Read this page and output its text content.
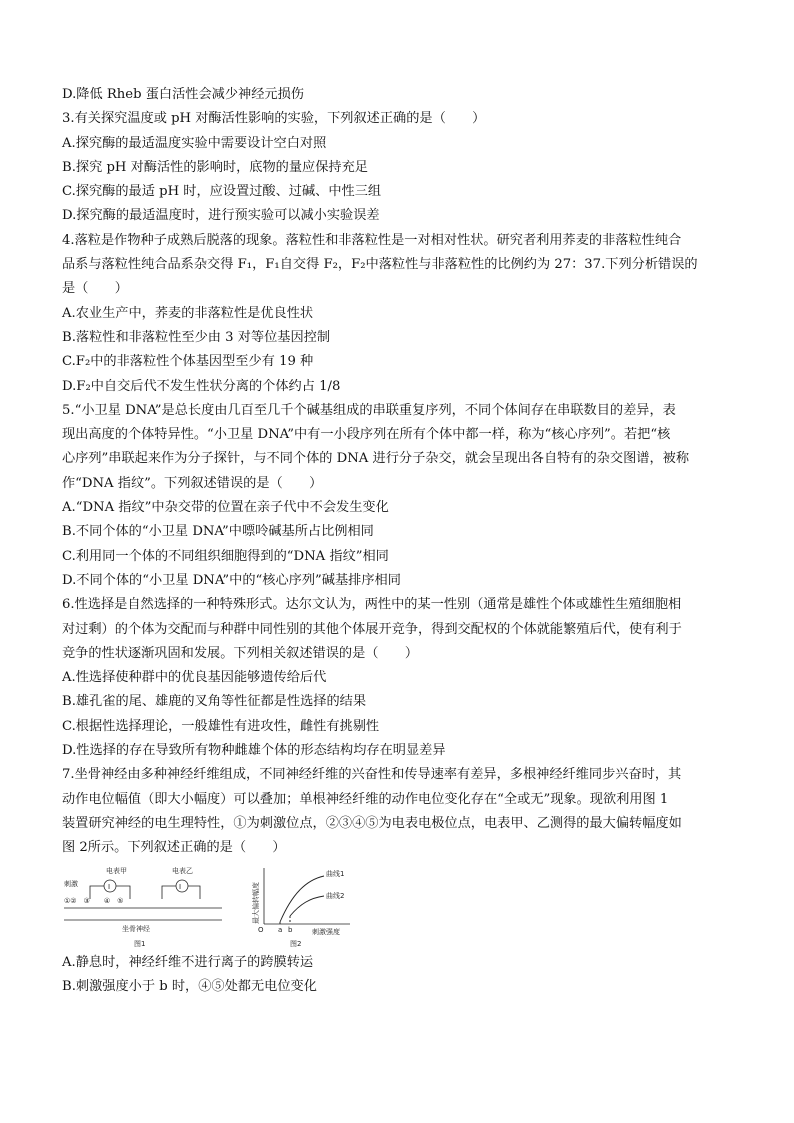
D.降低 Rheb 蛋白活性会减少神经元损伤
3.有关探究温度或 pH 对酶活性影响的实验，下列叙述正确的是（　　）
A.探究酶的最适温度实验中需要设计空白对照
B.探究 pH 对酶活性的影响时，底物的量应保持充足
C.探究酶的最适 pH 时，应设置过酸、过碱、中性三组
D.探究酶的最适温度时，进行预实验可以减小实验误差
4.落粒是作物种子成熟后脱落的现象。落粒性和非落粒性是一对相对性状。研究者利用荞麦的非落粒性纯合
品系与落粒性纯合品系杂交得 F₁，F₁自交得 F₂，F₂中落粒性与非落粒性的比例约为 27：37.下列分析错误的
是（　　）
A.农业生产中，荞麦的非落粒性是优良性状
B.落粒性和非落粒性至少由 3 对等位基因控制
C.F₂中的非落粒性个体基因型至少有 19 种
D.F₂中自交后代不发生性状分离的个体约占 1/8
5.“小卫星 DNA”是总长度由几百至几千个碱基组成的串联重复序列，不同个体间存在串联数目的差异，表
现出高度的个体特异性。“小卫星 DNA”中有一小段序列在所有个体中都一样，称为“核心序列”。若把“核
心序列”串联起来作为分子探针，与不同个体的 DNA 进行分子杂交，就会呈现出各自特有的杂交图谱，被称
作“DNA 指纹”。下列叙述错误的是（　　）
A.“DNA 指纹”中杂交带的位置在亲子代中不会发生变化
B.不同个体的“小卫星 DNA”中嘌呤碱基所占比例相同
C.利用同一个体的不同组织细胞得到的“DNA 指纹”相同
D.不同个体的“小卫星 DNA”中的“核心序列”碱基排序相同
6.性选择是自然选择的一种特殊形式。达尔文认为，两性中的某一性别（通常是雄性个体或雄性生殖细胞相
对过剩）的个体为交配而与种群中同性别的其他个体展开竞争，得到交配权的个体就能繁殖后代，使有利于
竞争的性状逐渐巩固和发展。下列相关叙述错误的是（　　）
A.性选择使种群中的优良基因能够遗传给后代
B.雄孔雀的尾、雄鹿的叉角等性征都是性选择的结果
C.根据性选择理论，一般雄性有进攻性，雌性有挑剔性
D.性选择的存在导致所有物种雌雄个体的形态结构均存在明显差异
7.坐骨神经由多种神经纤维组成，不同神经纤维的兴奋性和传导速率有差异，多根神经纤维同步兴奋时，其
动作电位幅值（即大小幅度）可以叠加；单根神经纤维的动作电位变化存在“全或无”现象。现欲利用图 1
装置研究神经的电生理特性，①为刺激位点，②③④⑤为电表电极位点，电表甲、乙测得的最大偏转幅度如
图 2所示。下列叙述正确的是（　　）
刺激
电表甲	电表乙
I	I
①②　③　　④　⑤
坐骨神经
图1
最大偏转幅度
曲线1
曲线2
O a b	刺激强度
图2
A.静息时，神经纤维不进行离子的跨膜转运
B.刺激强度小于 b 时，④⑤处都无电位变化
